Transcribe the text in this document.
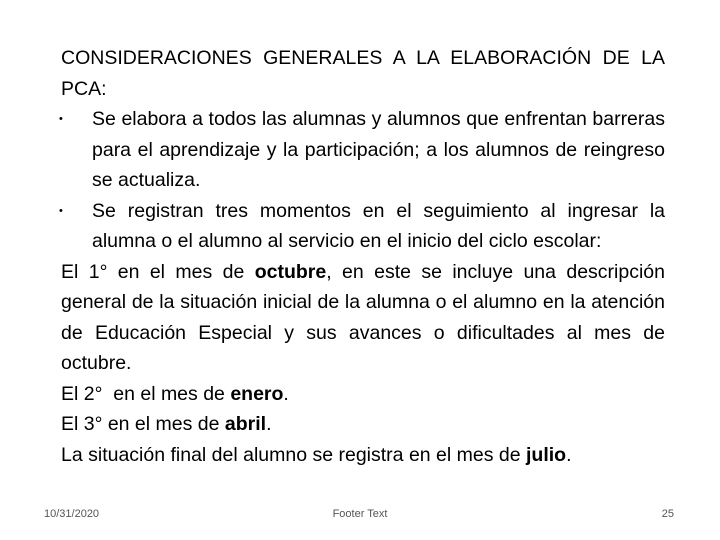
CONSIDERACIONES GENERALES A LA ELABORACIÓN DE LA PCA:
• Se elabora a todos las alumnas y alumnos que enfrentan barreras para el aprendizaje y la participación; a los alumnos de reingreso se actualiza.
• Se registran tres momentos en el seguimiento al ingresar la alumna o el alumno al servicio en el inicio del ciclo escolar:
El 1° en el mes de octubre, en este se incluye una descripción general de la situación inicial de la alumna o el alumno en la atención de Educación Especial y sus avances o dificultades al mes de octubre.
El 2°  en el mes de enero.
El 3° en el mes de abril.
La situación final del alumno se registra en el mes de julio.
Footer Text
10/31/2020	25
